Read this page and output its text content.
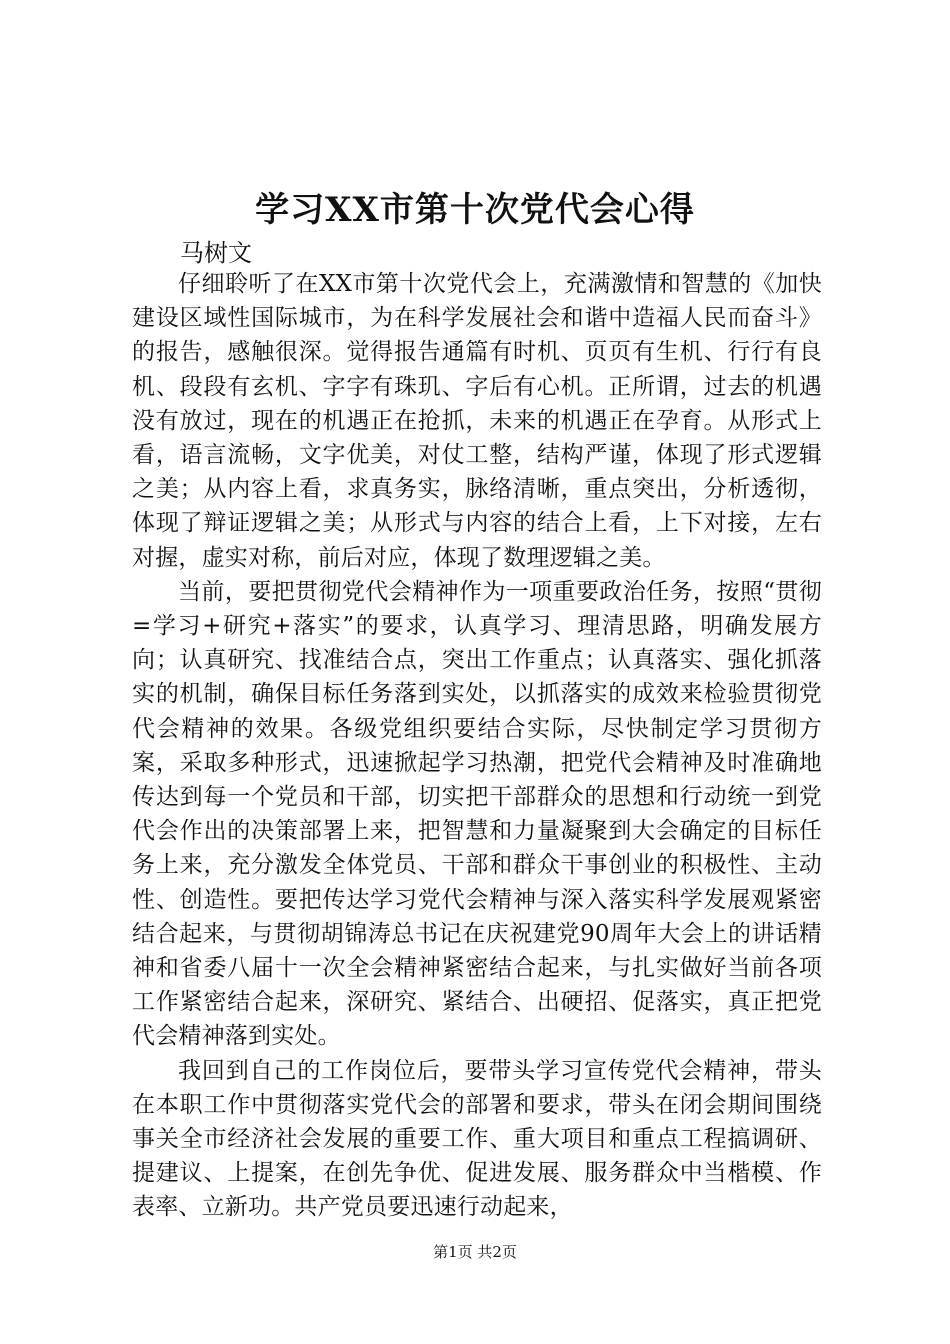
学习XX市第十次党代会心得

马树文

仔细聆听了在XX市第十次党代会上，充满激情和智慧的《加快建设区域性国际城市，为在科学发展社会和谐中造福人民而奋斗》的报告，感触很深。觉得报告通篇有时机、页页有生机、行行有良机、段段有玄机、字字有珠玑、字后有心机。正所谓，过去的机遇没有放过，现在的机遇正在抢抓，未来的机遇正在孕育。从形式上看，语言流畅，文字优美，对仗工整，结构严谨，体现了形式逻辑之美；从内容上看，求真务实，脉络清晰，重点突出，分析透彻，体现了辩证逻辑之美；从形式与内容的结合上看，上下对接，左右对握，虚实对称，前后对应，体现了数理逻辑之美。

当前，要把贯彻党代会精神作为一项重要政治任务，按照“贯彻=学习+研究+落实”的要求，认真学习、理清思路，明确发展方向；认真研究、找准结合点，突出工作重点；认真落实、强化抓落实的机制，确保目标任务落到实处，以抓落实的成效来检验贯彻党代会精神的效果。各级党组织要结合实际，尽快制定学习贯彻方案，采取多种形式，迅速掀起学习热潮，把党代会精神及时准确地传达到每一个党员和干部，切实把干部群众的思想和行动统一到党代会作出的决策部署上来，把智慧和力量凝聚到大会确定的目标任务上来，充分激发全体党员、干部和群众干事创业的积极性、主动性、创造性。要把传达学习党代会精神与深入落实科学发展观紧密结合起来，与贯彻胡锦涛总书记在庆祝建党90周年大会上的讲话精神和省委八届十一次全会精神紧密结合起来，与扎实做好当前各项工作紧密结合起来，深研究、紧结合、出硬招、促落实，真正把党代会精神落到实处。

我回到自己的工作岗位后，要带头学习宣传党代会精神，带头在本职工作中贯彻落实党代会的部署和要求，带头在闭会期间围绕事关全市经济社会发展的重要工作、重大项目和重点工程搞调研、提建议、上提案，在创先争优、促进发展、服务群众中当楷模、作表率、立新功。共产党员要迅速行动起来，

第1页 共2页
